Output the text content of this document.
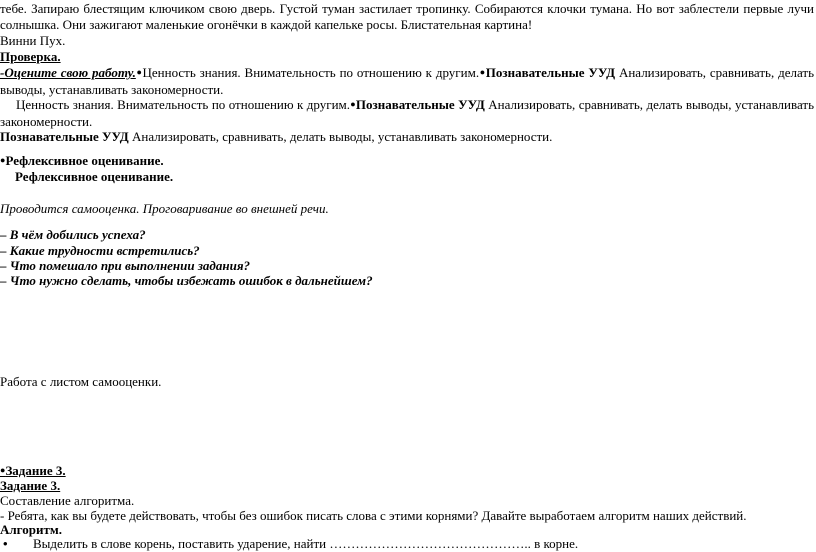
тебе. Запираю блестящим ключиком свою дверь. Густой туман застилает тропинку. Собираются клочки тумана. Но вот заблестели первые лучи
солнышка. Они зажигают маленькие огонёчки в каждой капельке росы. Блистательная картина!
Винни Пух.
Проверка.
-Оцените свою работу.●Ценность знания. Внимательность по отношению к другим.●Познавательные УУД Анализировать, сравнивать, делать выводы, устанавливать закономерности.
Ценность знания. Внимательность по отношению к другим.●Познавательные УУД Анализировать, сравнивать, делать выводы, устанавливать закономерности.
Познавательные УУД Анализировать, сравнивать, делать выводы, устанавливать закономерности.
●Рефлексивное оценивание.
Рефлексивное оценивание.
Проводится самооценка. Проговаривание во внешней речи.
– В чём добились успеха?
– Какие трудности встретились?
– Что помешало при выполнении задания?
– Что нужно сделать, чтобы избежать ошибок в дальнейшем?
Работа с листом самооценки.
●Задание 3.
Задание 3.
Составление алгоритма.
- Ребята, как вы будете действовать, чтобы без ошибок писать слова с этими корнями? Давайте выработаем алгоритм наших действий.
Алгоритм.
• Выделить в слове корень, поставить ударение, найти ……………………………………….. в корне.
